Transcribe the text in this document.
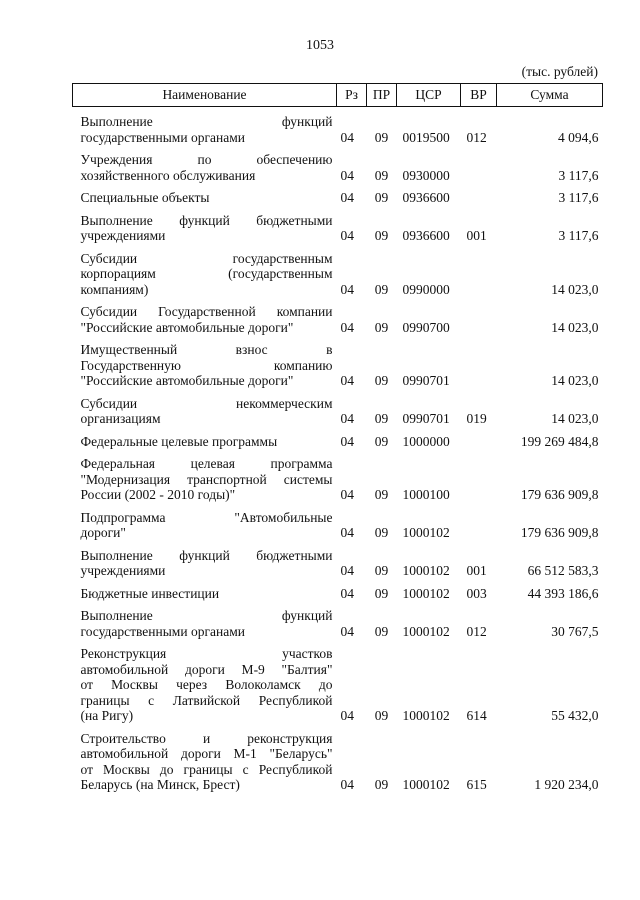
1053
(тыс. рублей)
Наименование	Рз	ПР	ЦСР	ВР	Сумма

Выполнение функций
государственными органами	04	09	0019500	012	4 094,6

Учреждения по обеспечению
хозяйственного обслуживания	04	09	0930000		3 117,6

Специальные объекты	04	09	0936600		3 117,6

Выполнение функций бюджетными
учреждениями	04	09	0936600	001	3 117,6

Субсидии государственным
корпорациям (государственным
компаниям)	04	09	0990000		14 023,0

Субсидии Государственной компании
"Российские автомобильные дороги"	04	09	0990700		14 023,0

Имущественный взнос в
Государственную компанию
"Российские автомобильные дороги"	04	09	0990701		14 023,0

Субсидии некоммерческим
организациям	04	09	0990701	019	14 023,0

Федеральные целевые программы	04	09	1000000		199 269 484,8

Федеральная целевая программа
"Модернизация транспортной системы
России (2002 - 2010 годы)"	04	09	1000100		179 636 909,8

Подпрограмма "Автомобильные
дороги"	04	09	1000102		179 636 909,8

Выполнение функций бюджетными
учреждениями	04	09	1000102	001	66 512 583,3

Бюджетные инвестиции	04	09	1000102	003	44 393 186,6

Выполнение функций
государственными органами	04	09	1000102	012	30 767,5

Реконструкция участков
автомобильной дороги М-9 "Балтия"
от Москвы через Волоколамск до
границы с Латвийской Республикой
(на Ригу)	04	09	1000102	614	55 432,0

Строительство и реконструкция
автомобильной дороги М-1 "Беларусь"
от Москвы до границы с Республикой
Беларусь (на Минск, Брест)	04	09	1000102	615	1 920 234,0
